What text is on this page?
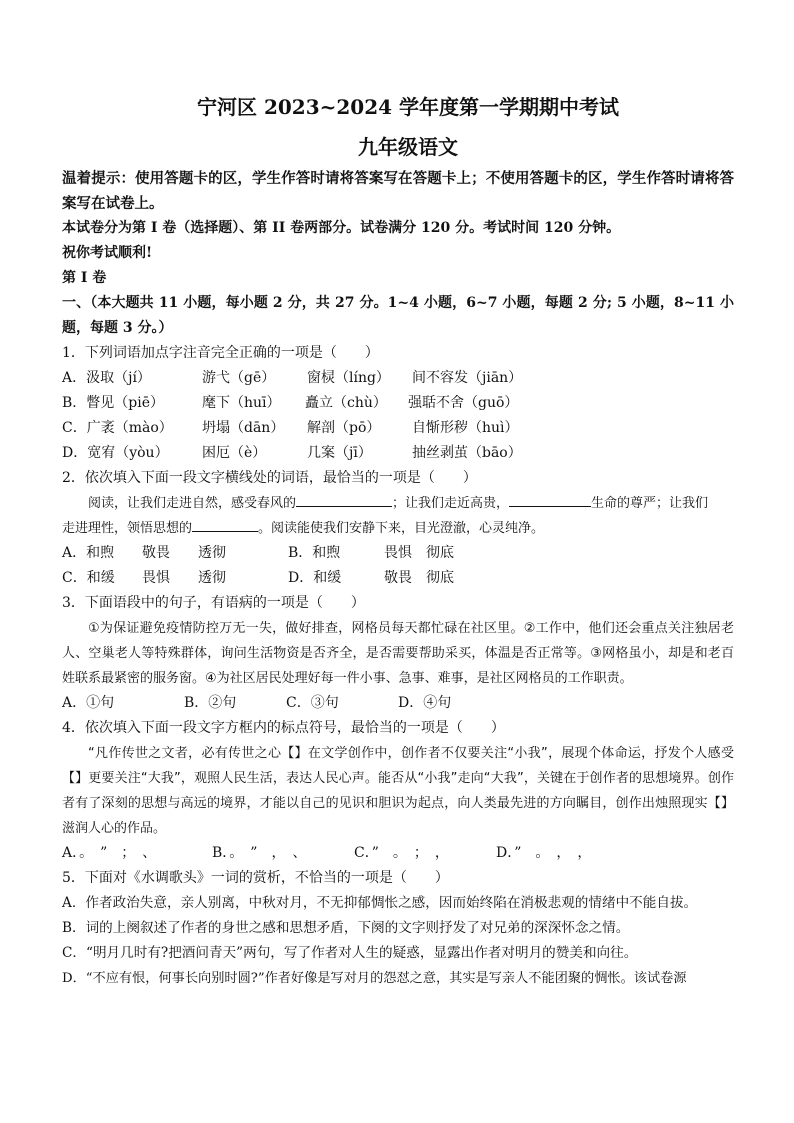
宁河区 2023~2024 学年度第一学期期中考试
九年级语文
温着提示：使用答题卡的区，学生作答时请将答案写在答题卡上；不使用答题卡的区，学生作答时请将答案写在试卷上。
本试卷分为第 I 卷（选择题）、第 II 卷两部分。试卷满分 120 分。考试时间 120 分钟。
祝你考试顺利!
第 I 卷
一、（本大题共 11 小题，每小题 2 分，共 27 分。1~4 小题，6~7 小题，每题 2 分; 5 小题，8~11 小题，每题 3 分。）
1．下列词语加点字注音完全正确的一项是（　　）
A．汲取（jí）	游弋（gē）	窗棂（líng）	间不容发（jiān）
B．瞥见（piē）	麾下（huī）	矗立（chù）	强聒不舍（guō）
C．广袤（mào）	坍塌（dān）	解剖（pō）	自惭形秽（huì）
D．宽宥（yòu）	困厄（è）	几案（jī）	抽丝剥茧（bāo）
2．依次填入下面一段文字横线处的词语，最恰当的一项是（　　）
阅读，让我们走进自然，感受春风的	；让我们走近高贵，	生命的尊严；让我们
走进理性，领悟思想的	。阅读能使我们安静下来，目光澄澈，心灵纯净。
A．和煦	敬畏	透彻	B．和煦	畏惧	彻底
C．和缓	畏惧	透彻	D．和缓	敬畏	彻底
3．下面语段中的句子，有语病的一项是（　　）
①为保证避免疫情防控万无一失，做好排查，网格员每天都忙碌在社区里。②工作中，他们还会重点关注独居老人、空巢老人等特殊群体，询问生活物资是否齐全，是否需要帮助采买，体温是否正常等。③网格虽小，却是和老百姓联系最紧密的服务窗。④为社区居民处理好每一件小事、急事、难事，是社区网格员的工作职责。
A．①句	B．②句	C．③句	D．④句
4．依次填入下面一段文字方框内的标点符号，最恰当的一项是（　　）
“凡作传世之文者，必有传世之心【】在文学创作中，创作者不仅要关注“小我”，展现个体命运，抒发个人感受【】更要关注“大我”，观照人民生活，表达人民心声。能否从“小我”走向“大我”，关键在于创作者的思想境界。创作者有了深刻的思想与高远的境界，才能以自己的见识和胆识为起点，向人类最先进的方向瞩目，创作出烛照现实【】滋润人心的作品。
A．。　”　；　、	B．。　”　，　、	C．”　。　；　，	D．”　。　，　，
5．下面对《水调歌头》一词的赏析，不恰当的一项是（　　）
A．作者政治失意，亲人别离，中秋对月，不无抑郁惆怅之感，因而始终陷在消极悲观的情绪中不能自拔。
B．词的上阕叙述了作者的身世之感和思想矛盾，下阕的文字则抒发了对兄弟的深深怀念之情。
C．“明月几时有?把酒问青天”两句，写了作者对人生的疑惑，显露出作者对明月的赞美和向往。
D．“不应有恨，何事长向别时圆?”作者好像是写对月的怨怼之意，其实是写亲人不能团聚的惆怅。该试卷源
